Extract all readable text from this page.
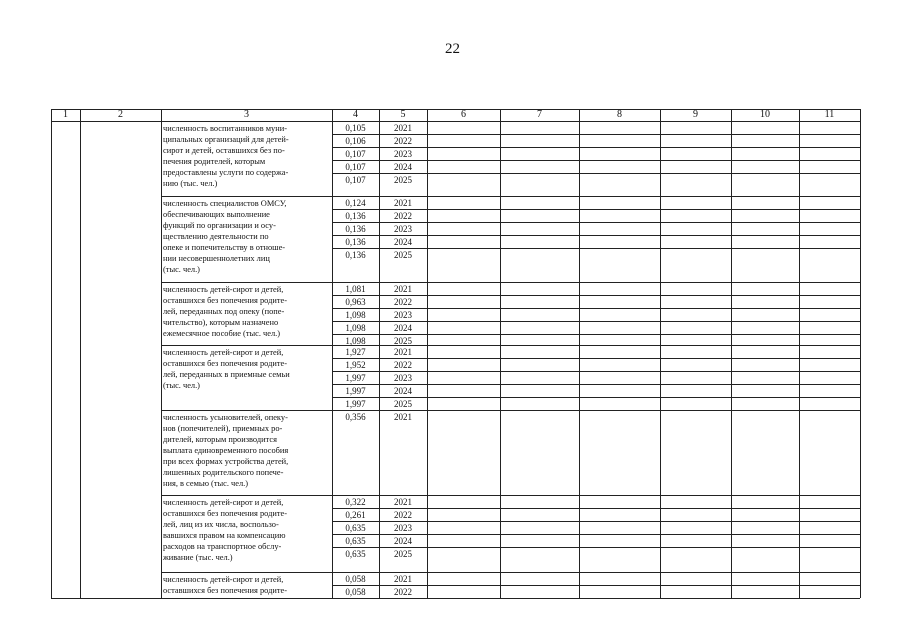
22
1	2	3	4	5	6	7	8	9	10	11
численность воспитанников муни-
ципальных организаций для детей-
сирот и детей, оставшихся без по-
печения родителей, которым
предоставлены услуги по содержа-
нию (тыс. чел.)
0,105	2021
0,106	2022
0,107	2023
0,107	2024
0,107	2025
численность специалистов ОМСУ,
обеспечивающих выполнение
функций по организации и осу-
ществлению деятельности по
опеке и попечительству в отноше-
нии несовершеннолетних лиц
(тыс. чел.)
0,124	2021
0,136	2022
0,136	2023
0,136	2024
0,136	2025
численность детей-сирот и детей,
оставшихся без попечения родите-
лей, переданных под опеку (попе-
чительство), которым назначено
ежемесячное пособие (тыс. чел.)
1,081	2021
0,963	2022
1,098	2023
1,098	2024
1,098	2025
численность детей-сирот и детей,
оставшихся без попечения родите-
лей, переданных в приемные семьи
(тыс. чел.)
1,927	2021
1,952	2022
1,997	2023
1,997	2024
1,997	2025
численность усыновителей, опеку-
нов (попечителей), приемных ро-
дителей, которым производится
выплата единовременного пособия
при всех формах устройства детей,
лишенных родительского попече-
ния, в семью (тыс. чел.)
0,356	2021
численность детей-сирот и детей,
оставшихся без попечения родите-
лей, лиц из их числа, воспользо-
вавшихся правом на компенсацию
расходов на транспортное обслу-
живание (тыс. чел.)
0,322	2021
0,261	2022
0,635	2023
0,635	2024
0,635	2025
численность детей-сирот и детей,
оставшихся без попечения родите-
0,058	2021
0,058	2022
